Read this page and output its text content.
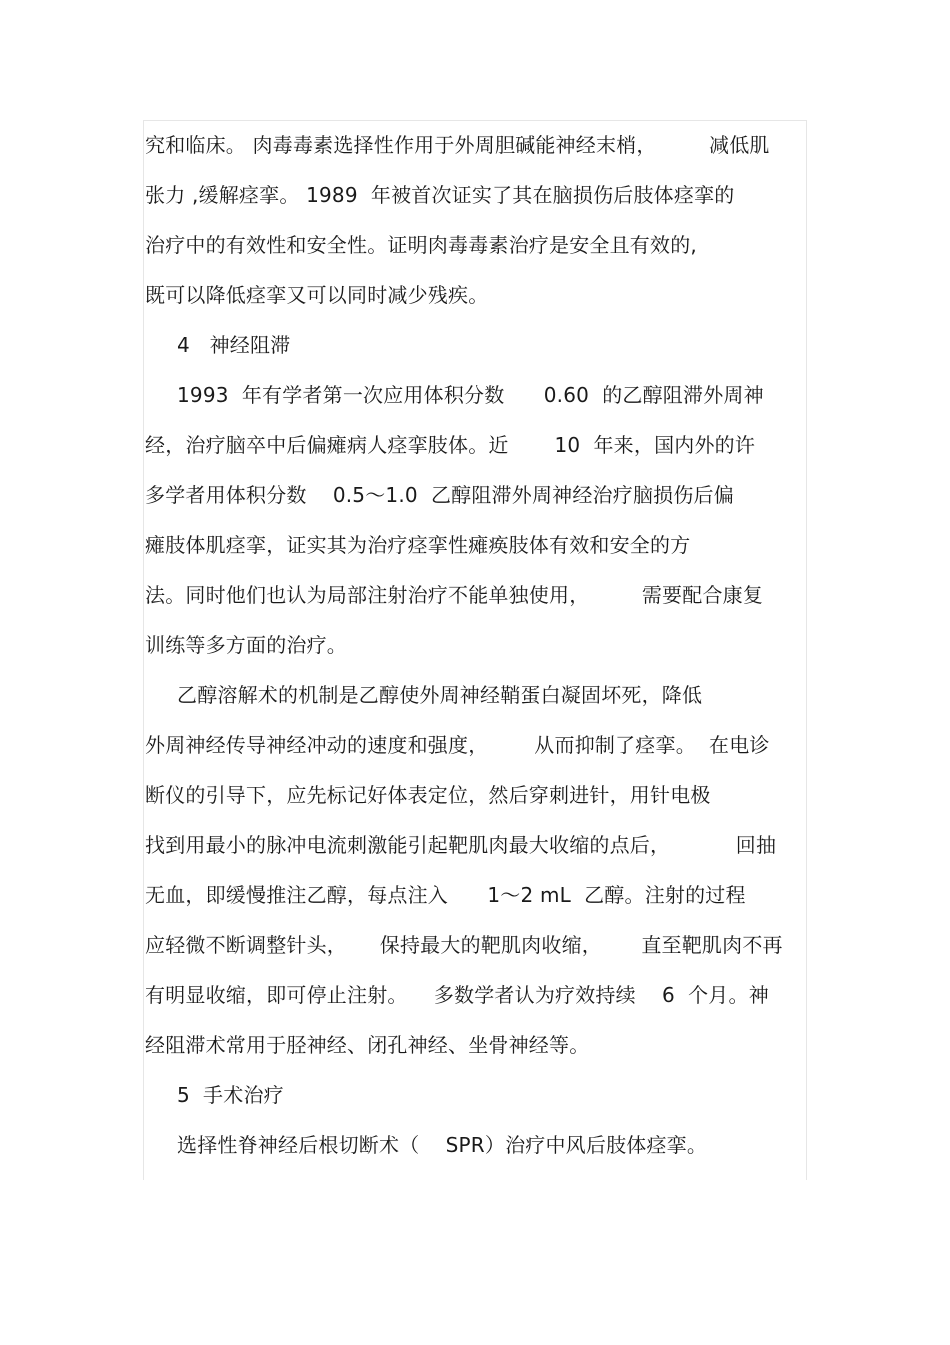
究和临床。 肉毒毒素选择性作用于外周胆碱能神经末梢，        减低肌
张力 ,缓解痉挛。 1989  年被首次证实了其在脑损伤后肢体痉挛的
治疗中的有效性和安全性。证明肉毒毒素治疗是安全且有效的,
既可以降低痉挛又可以同时减少残疾。
4   神经阻滞
1993  年有学者第一次应用体积分数      0.60  的乙醇阻滞外周神
经，治疗脑卒中后偏瘫病人痉挛肢体。近       10  年来，国内外的许
多学者用体积分数    0.5～1.0  乙醇阻滞外周神经治疗脑损伤后偏
瘫肢体肌痉挛，证实其为治疗痉挛性瘫痪肢体有效和安全的方
法。同时他们也认为局部注射治疗不能单独使用，        需要配合康复
训练等多方面的治疗。
乙醇溶解术的机制是乙醇使外周神经鞘蛋白凝固坏死，降低
外周神经传导神经冲动的速度和强度，       从而抑制了痉挛。  在电诊
断仪的引导下，应先标记好体表定位，然后穿刺进针，用针电极
找到用最小的脉冲电流刺激能引起靶肌肉最大收缩的点后，          回抽
无血，即缓慢推注乙醇，每点注入      1～2 mL  乙醇。注射的过程
应轻微不断调整针头，     保持最大的靶肌肉收缩，      直至靶肌肉不再
有明显收缩，即可停止注射。    多数学者认为疗效持续    6  个月。神
经阻滞术常用于胫神经、闭孔神经、坐骨神经等。
5  手术治疗
选择性脊神经后根切断术（    SPR）治疗中风后肢体痉挛。
